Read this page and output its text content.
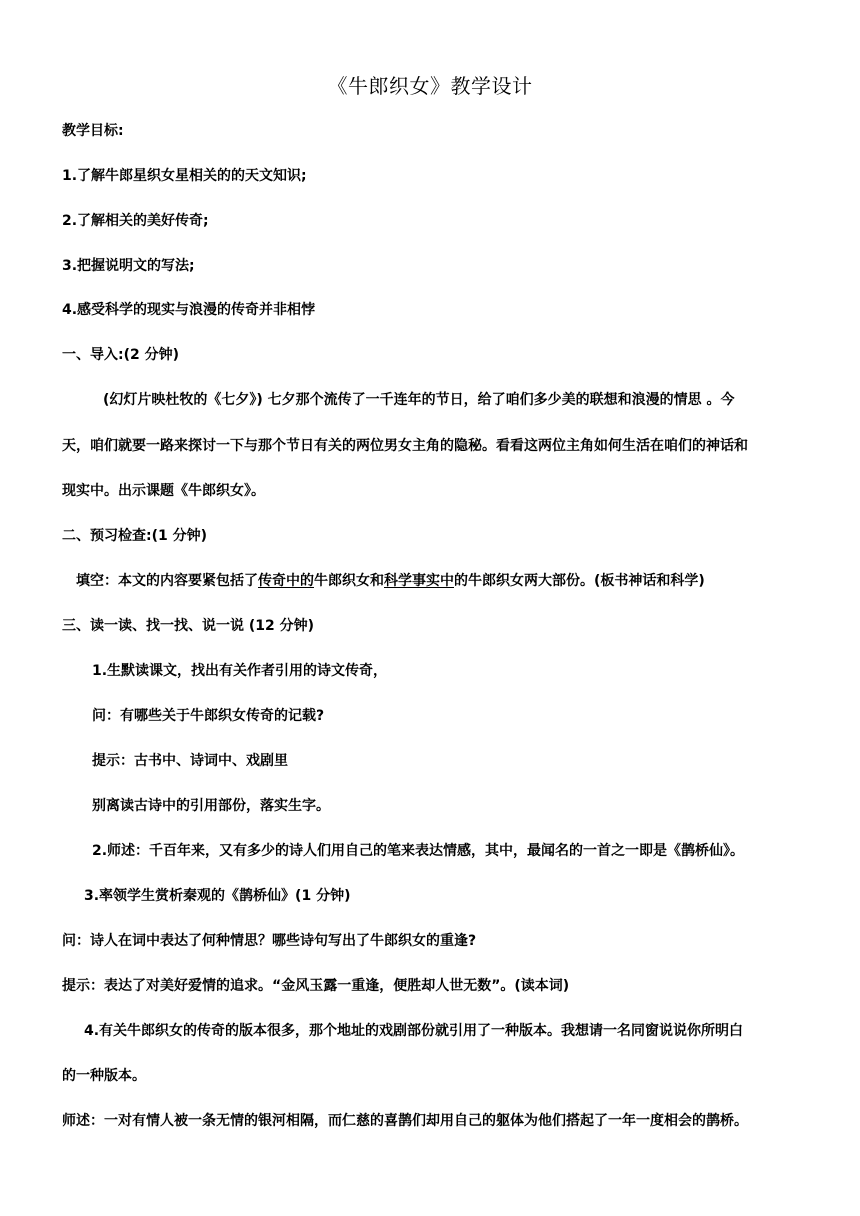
《牛郎织女》教学设计
教学目标:
1.了解牛郎星织女星相关的的天文知识;
2.了解相关的美好传奇;
3.把握说明文的写法;
4.感受科学的现实与浪漫的传奇并非相悖
一、导入:(2 分钟)
(幻灯片映杜牧的《七夕》) 七夕那个流传了一千连年的节日，给了咱们多少美的联想和浪漫的情思 。今
天，咱们就要一路来探讨一下与那个节日有关的两位男女主角的隐秘。看看这两位主角如何生活在咱们的神话和
现实中。出示课题《牛郎织女》。
二、预习检查:(1 分钟)
填空：本文的内容要紧包括了传奇中的牛郎织女和科学事实中的牛郎织女两大部份。(板书神话和科学)
三、读一读、找一找、说一说 (12 分钟)
1.生默读课文，找出有关作者引用的诗文传奇，
问：有哪些关于牛郎织女传奇的记载?
提示：古书中、诗词中、戏剧里
别离读古诗中的引用部份，落实生字。
2.师述：千百年来，又有多少的诗人们用自己的笔来表达情感，其中，最闻名的一首之一即是《鹊桥仙》。
3.率领学生赏析秦观的《鹊桥仙》(1 分钟)
问：诗人在词中表达了何种情思？哪些诗句写出了牛郎织女的重逢?
提示：表达了对美好爱情的追求。“金风玉露一重逢，便胜却人世无数”。(读本词)
4.有关牛郎织女的传奇的版本很多，那个地址的戏剧部份就引用了一种版本。我想请一名同窗说说你所明白
的一种版本。
师述：一对有情人被一条无情的银河相隔，而仁慈的喜鹊们却用自己的躯体为他们搭起了一年一度相会的鹊桥。
